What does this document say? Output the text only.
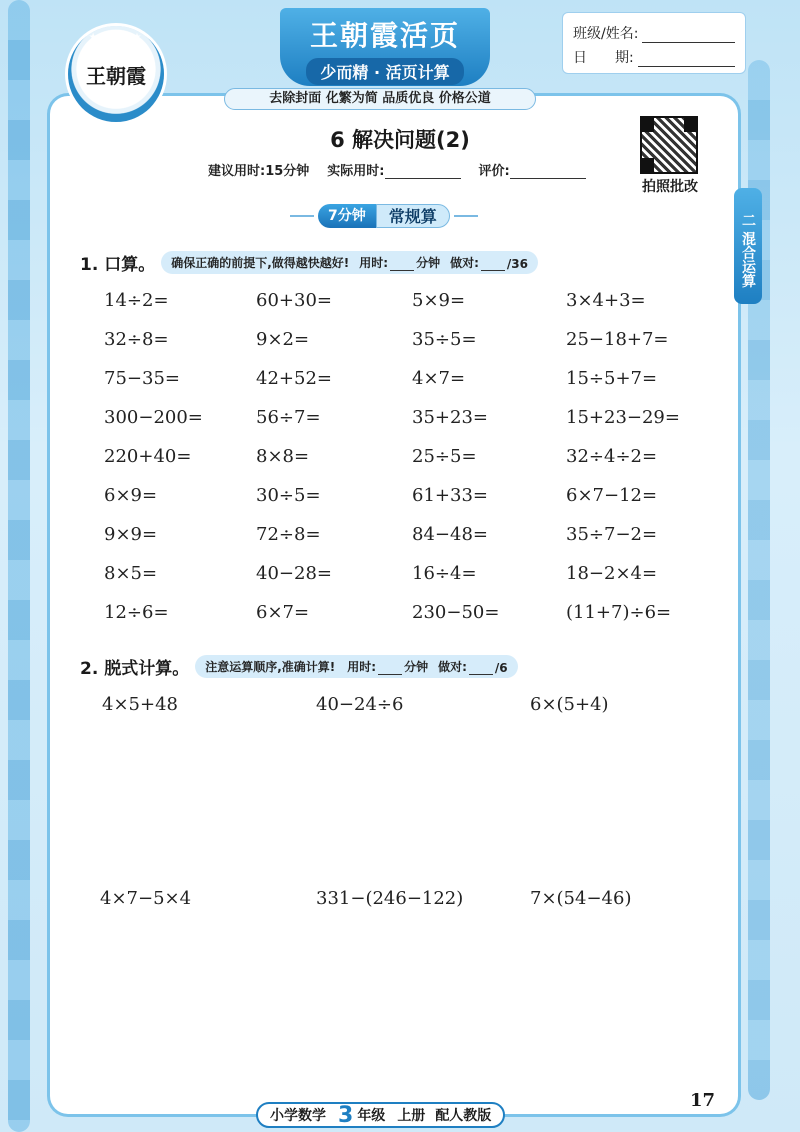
★★★★★
王朝霞
王朝霞活页
少而精 · 活页计算
班级/姓名:
日　　期:
去除封面 化繁为简 品质优良 价格公道
6 解决问题(2)
建议用时:15分钟 实际用时:	评价:
拍照批改
二 混合运算
7分钟	常规算
1. 口算。 确保正确的前提下,做得越快越好! 用时: 分钟 做对: /36
14÷2=	60+30=	5×9=	3×4+3=
32÷8=	9×2=	35÷5=	25−18+7=
75−35=	42+52=	4×7=	15÷5+7=
300−200=	56÷7=	35+23=	15+23−29=
220+40=	8×8=	25÷5=	32÷4÷2=
6×9=	30÷5=	61+33=	6×7−12=
9×9=	72÷8=	84−48=	35÷7−2=
8×5=	40−28=	16÷4=	18−2×4=
12÷6=	6×7=	230−50=	(11+7)÷6=
2. 脱式计算。 注意运算顺序,准确计算! 用时: 分钟 做对: /6
4×5+48	40−24÷6	6×(5+4)
4×7−5×4	331−(246−122)	7×(54−46)
小学数学 3 年级 上册 配人教版
17
